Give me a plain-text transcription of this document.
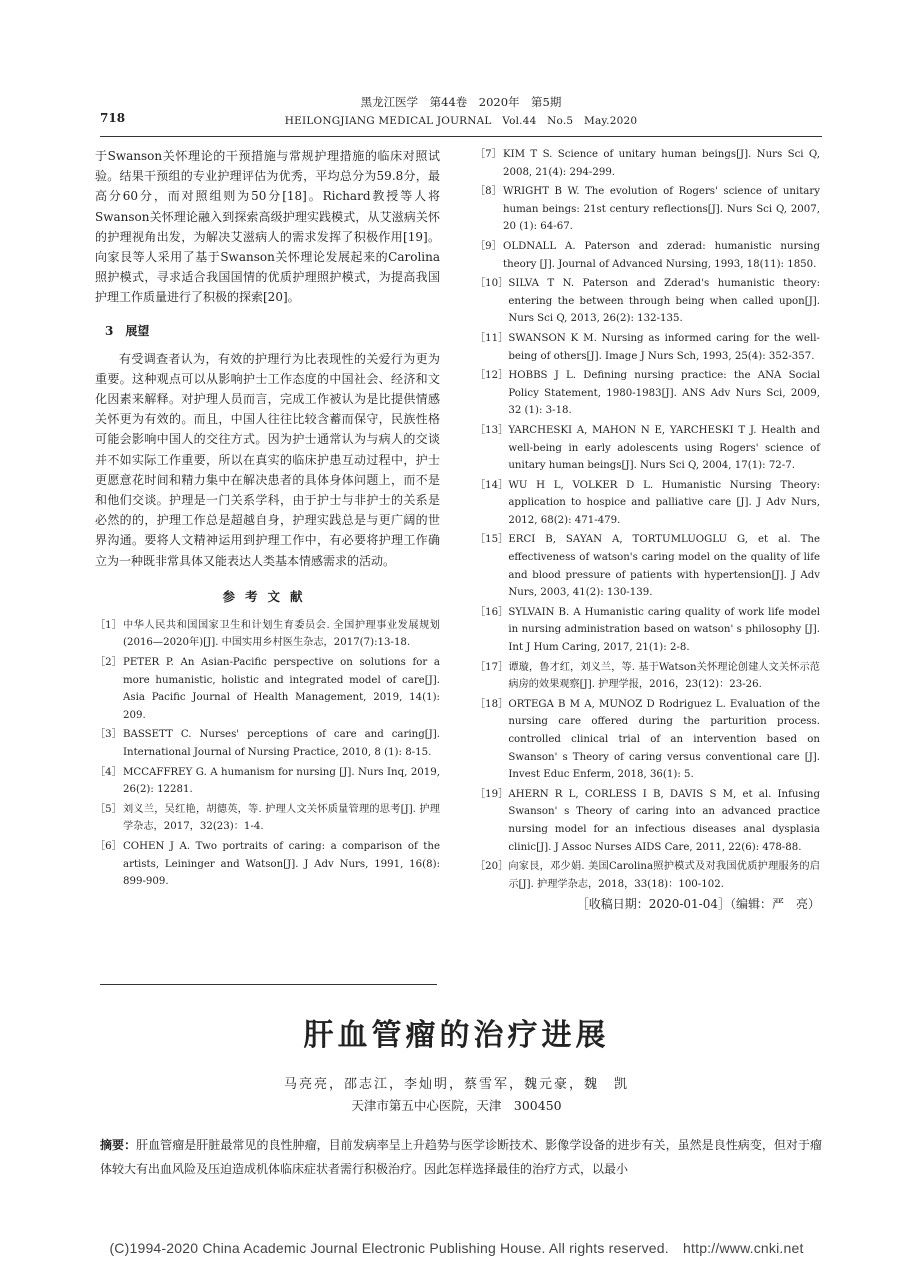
黑龙江医学　第44卷　2020年　第5期
718	HEILONGJIANG MEDICAL JOURNAL　Vol.44　No.5　May.2020

于Swanson关怀理论的干预措施与常规护理措施的临床对照试验。结果干预组的专业护理评估为优秀，平均总分为59.8分，最高分60分，而对照组则为50分[18]。Richard教授等人将Swanson关怀理论融入到探索高级护理实践模式，从艾滋病关怀的护理视角出发，为解决艾滋病人的需求发挥了积极作用[19]。向家艮等人采用了基于Swanson关怀理论发展起来的Carolina照护模式，寻求适合我国国情的优质护理照护模式，为提高我国护理工作质量进行了积极的探索[20]。

3　展望

有受调查者认为，有效的护理行为比表现性的关爱行为更为重要。这种观点可以从影响护士工作态度的中国社会、经济和文化因素来解释。对护理人员而言，完成工作被认为是比提供情感关怀更为有效的。而且，中国人往往比较含蓄而保守，民族性格可能会影响中国人的交往方式。因为护士通常认为与病人的交谈并不如实际工作重要，所以在真实的临床护患互动过程中，护士更愿意花时间和精力集中在解决患者的具体身体问题上，而不是和他们交谈。护理是一门关系学科，由于护士与非护士的关系是必然的的，护理工作总是超越自身，护理实践总是与更广阔的世界沟通。要将人文精神运用到护理工作中，有必要将护理工作确立为一种既非常具体又能表达人类基本情感需求的活动。

参考文献
［1］ 中华人民共和国国家卫生和计划生育委员会. 全国护理事业发展规划(2016—2020年)[J]. 中国实用乡村医生杂志，2017(7):13-18.
［2］ PETER P. An Asian-Pacific perspective on solutions for a more humanistic, holistic and integrated model of care[J]. Asia Pacific Journal of Health Management, 2019, 14(1): 209.
［3］ BASSETT C. Nurses' perceptions of care and caring[J]. International Journal of Nursing Practice, 2010, 8 (1): 8-15.
［4］ MCCAFFREY G. A humanism for nursing [J]. Nurs Inq, 2019, 26(2): 12281.
［5］ 刘义兰，吴红艳，胡德英，等. 护理人文关怀质量管理的思考[J]. 护理学杂志，2017，32(23)：1-4.
［6］ COHEN J A. Two portraits of caring: a comparison of the artists, Leininger and Watson[J]. J Adv Nurs, 1991, 16(8): 899-909.
［7］ KIM T S. Science of unitary human beings[J]. Nurs Sci Q, 2008, 21(4): 294-299.
［8］ WRIGHT B W. The evolution of Rogers' science of unitary human beings: 21st century reflections[J]. Nurs Sci Q, 2007, 20 (1): 64-67.
［9］ OLDNALL A. Paterson and zderad: humanistic nursing theory [J]. Journal of Advanced Nursing, 1993, 18(11): 1850.
［10］ SILVA T N. Paterson and Zderad's humanistic theory: entering the between through being when called upon[J]. Nurs Sci Q, 2013, 26(2): 132-135.
［11］ SWANSON K M. Nursing as informed caring for the well-being of others[J]. Image J Nurs Sch, 1993, 25(4): 352-357.
［12］ HOBBS J L. Defining nursing practice: the ANA Social Policy Statement, 1980-1983[J]. ANS Adv Nurs Sci, 2009, 32 (1): 3-18.
［13］ YARCHESKI A, MAHON N E, YARCHESKI T J. Health and well-being in early adolescents using Rogers' science of unitary human beings[J]. Nurs Sci Q, 2004, 17(1): 72-7.
［14］ WU H L, VOLKER D L. Humanistic Nursing Theory: application to hospice and palliative care [J]. J Adv Nurs, 2012, 68(2): 471-479.
［15］ ERCI B, SAYAN A, TORTUMLUOGLU G, et al. The effectiveness of watson's caring model on the quality of life and blood pressure of patients with hypertension[J]. J Adv Nurs, 2003, 41(2): 130-139.
［16］ SYLVAIN B. A Humanistic caring quality of work life model in nursing administration based on watson' s philosophy [J]. Int J Hum Caring, 2017, 21(1): 2-8.
［17］ 谭璇，鲁才红，刘义兰，等. 基于Watson关怀理论创建人文关怀示范病房的效果观察[J]. 护理学报，2016，23(12)：23-26.
［18］ ORTEGA B M A, MUNOZ D Rodriguez L. Evaluation of the nursing care offered during the parturition process. controlled clinical trial of an intervention based on Swanson' s Theory of caring versus conventional care [J]. Invest Educ Enferm, 2018, 36(1): 5.
［19］ AHERN R L, CORLESS I B, DAVIS S M, et al. Infusing Swanson' s Theory of caring into an advanced practice nursing model for an infectious diseases anal dysplasia clinic[J]. J Assoc Nurses AIDS Care, 2011, 22(6): 478-88.
［20］ 向家艮，邓少娟. 美国Carolina照护模式及对我国优质护理服务的启示[J]. 护理学杂志，2018，33(18)：100-102.
［收稿日期：2020-01-04］（编辑：严　亮）
肝血管瘤的治疗进展
马亮亮，邵志江，李灿明，蔡雪军，魏元豪，魏　凯
天津市第五中心医院，天津　300450

摘要：肝血管瘤是肝脏最常见的良性肿瘤，目前发病率呈上升趋势与医学诊断技术、影像学设备的进步有关，虽然是良性病变，但对于瘤体较大有出血风险及压迫造成机体临床症状者需行积极治疗。因此怎样选择最佳的治疗方式，以最小

(C)1994-2020 China Academic Journal Electronic Publishing House. All rights reserved.　http://www.cnki.net
